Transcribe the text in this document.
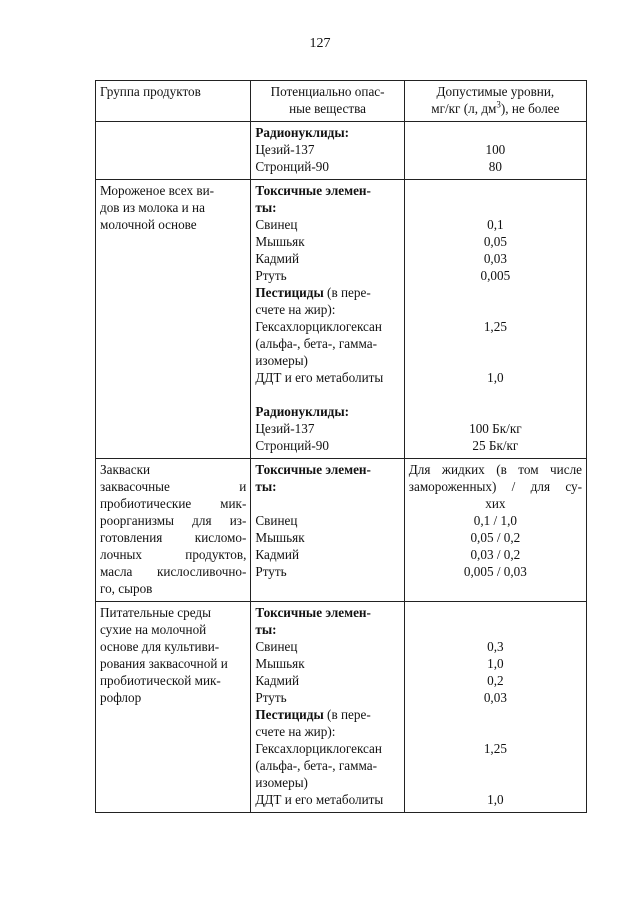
127
Группа продуктов	Потенциально опас-
ные вещества
Допустимые уровни,
мг/кг (л, $дм^3$), не более
Радионуклиды:
Цезий-137
Стронций-90
100
80
Мороженое всех ви-
дов из молока и на
молочной основе
Токсичные элемен-
ты:
Свинец
Мышьяк
Кадмий
Ртуть
Пестициды (в пере-
счете на жир):
Гексахлорциклогексан
(альфа-, бета-, гамма-
изомеры)
ДДТ и его метаболиты
Радионуклиды:
Цезий-137
Стронций-90
0,1
0,05
0,03
0,005
1,25
1,0
100 Бк/кг
25 Бк/кг
Закваски
заквасочные и
пробиотические мик-
роорганизмы для из-
готовления кисломо-
лочных продуктов,
масла кислосливочно-
го, сыров
Токсичные элемен-
ты:
Свинец
Мышьяк
Кадмий
Ртуть
Для жидких (в том числе
замороженных) / для су-
хих
0,1 / 1,0
0,05 / 0,2
0,03 / 0,2
0,005 / 0,03
Питательные среды
сухие на молочной
основе для культиви-
рования заквасочной и
пробиотической мик-
рофлор
Токсичные элемен-
ты:
Свинец
Мышьяк
Кадмий
Ртуть
Пестициды (в пере-
счете на жир):
Гексахлорциклогексан
(альфа-, бета-, гамма-
изомеры)
ДДТ и его метаболиты
0,3
1,0
0,2
0,03
1,25
1,0
